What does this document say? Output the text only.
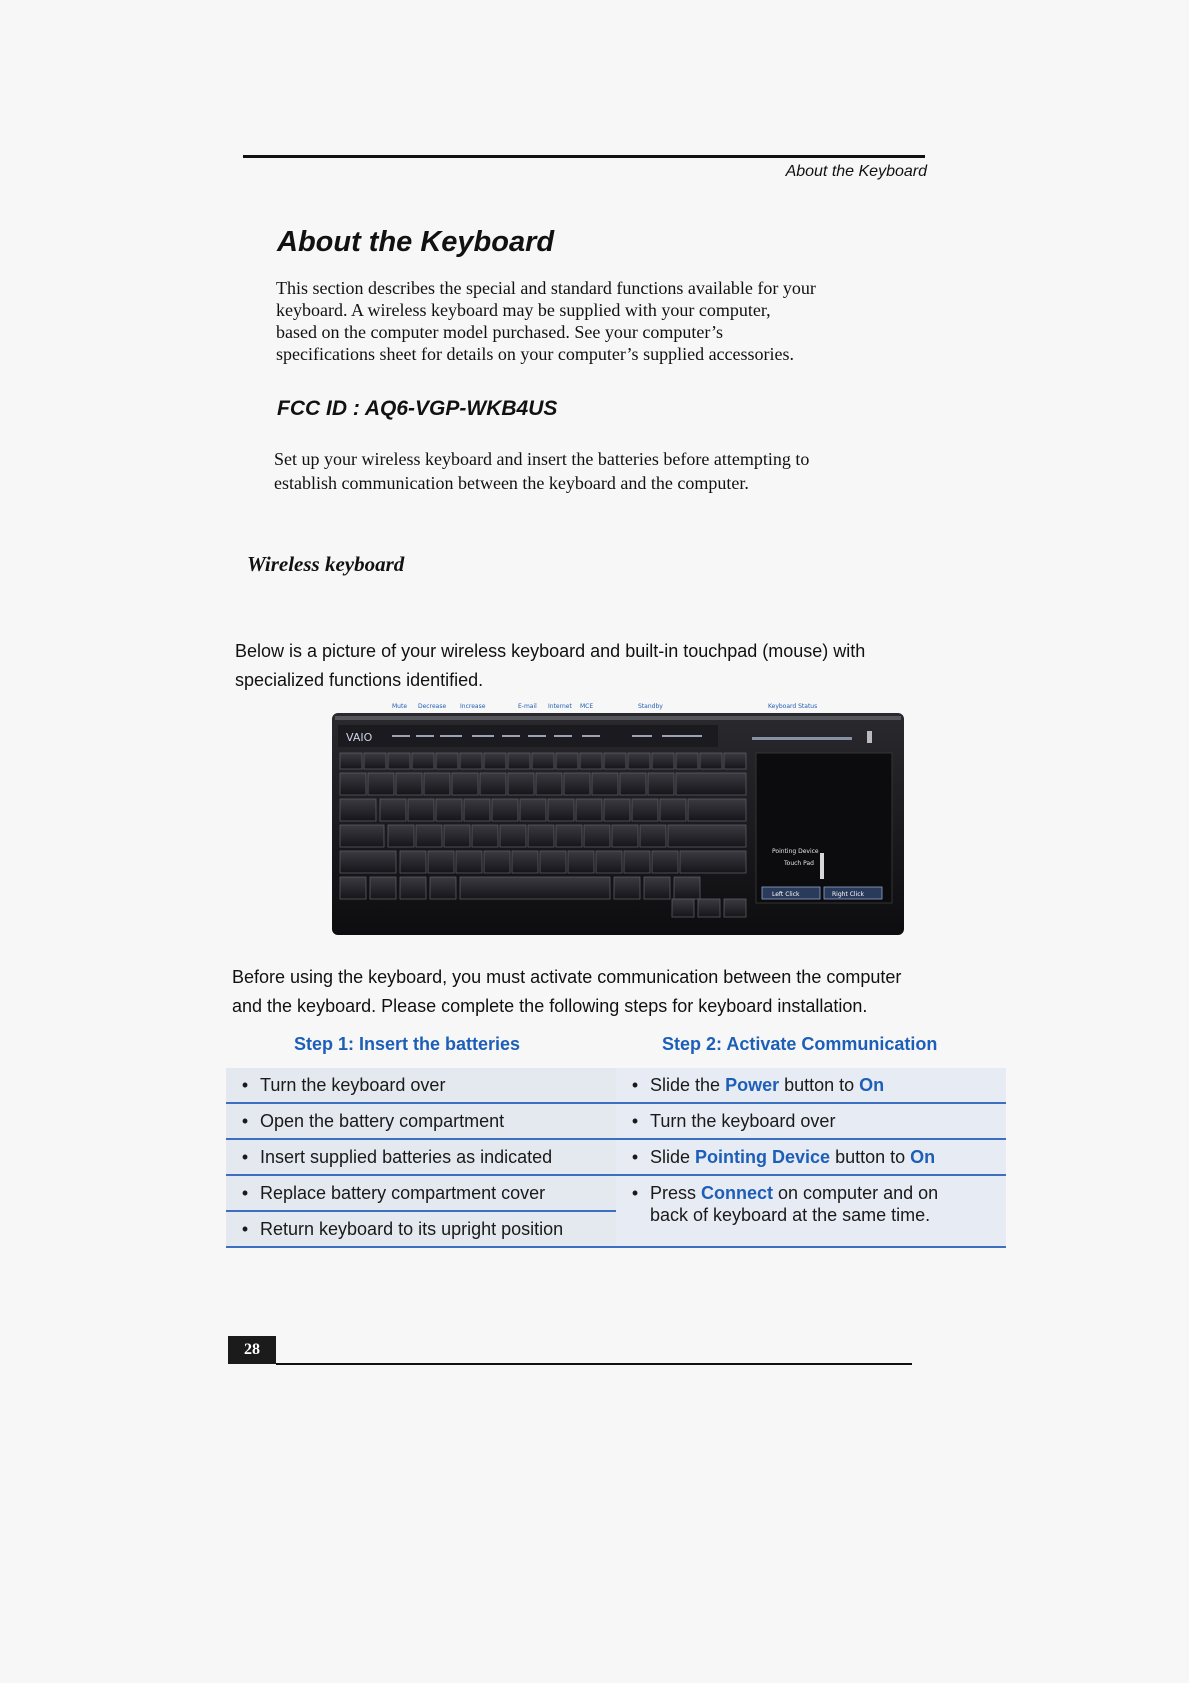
About the Keyboard
About the Keyboard

This section describes the special and standard functions available for your
keyboard. A wireless keyboard may be supplied with your computer,
based on the computer model purchased. See your computer’s
specifications sheet for details on your computer’s supplied accessories.

FCC ID : AQ6-VGP-WKB4US

Set up your wireless keyboard and insert the batteries before attempting to
establish communication between the keyboard and the computer.

Wireless keyboard

Below is a picture of your wireless keyboard and built-in touchpad (mouse) with
specialized functions identified.

Mute Decrease Increase	E-mail Internet MCE	Standby	Keyboard Status
VAIO
Pointing Device
Touch Pad
Left Click	Right Click

Before using the keyboard, you must activate communication between the computer
and the keyboard. Please complete the following steps for keyboard installation.

Step 1: Insert the batteries
• Turn the keyboard over
• Open the battery compartment
• Insert supplied batteries as indicated
• Replace battery compartment cover
• Return keyboard to its upright position
Step 2: Activate Communication
• Slide the Power button to On
• Turn the keyboard over
• Slide Pointing Device button to On
• Press Connect on computer and on
back of keyboard at the same time.
28
